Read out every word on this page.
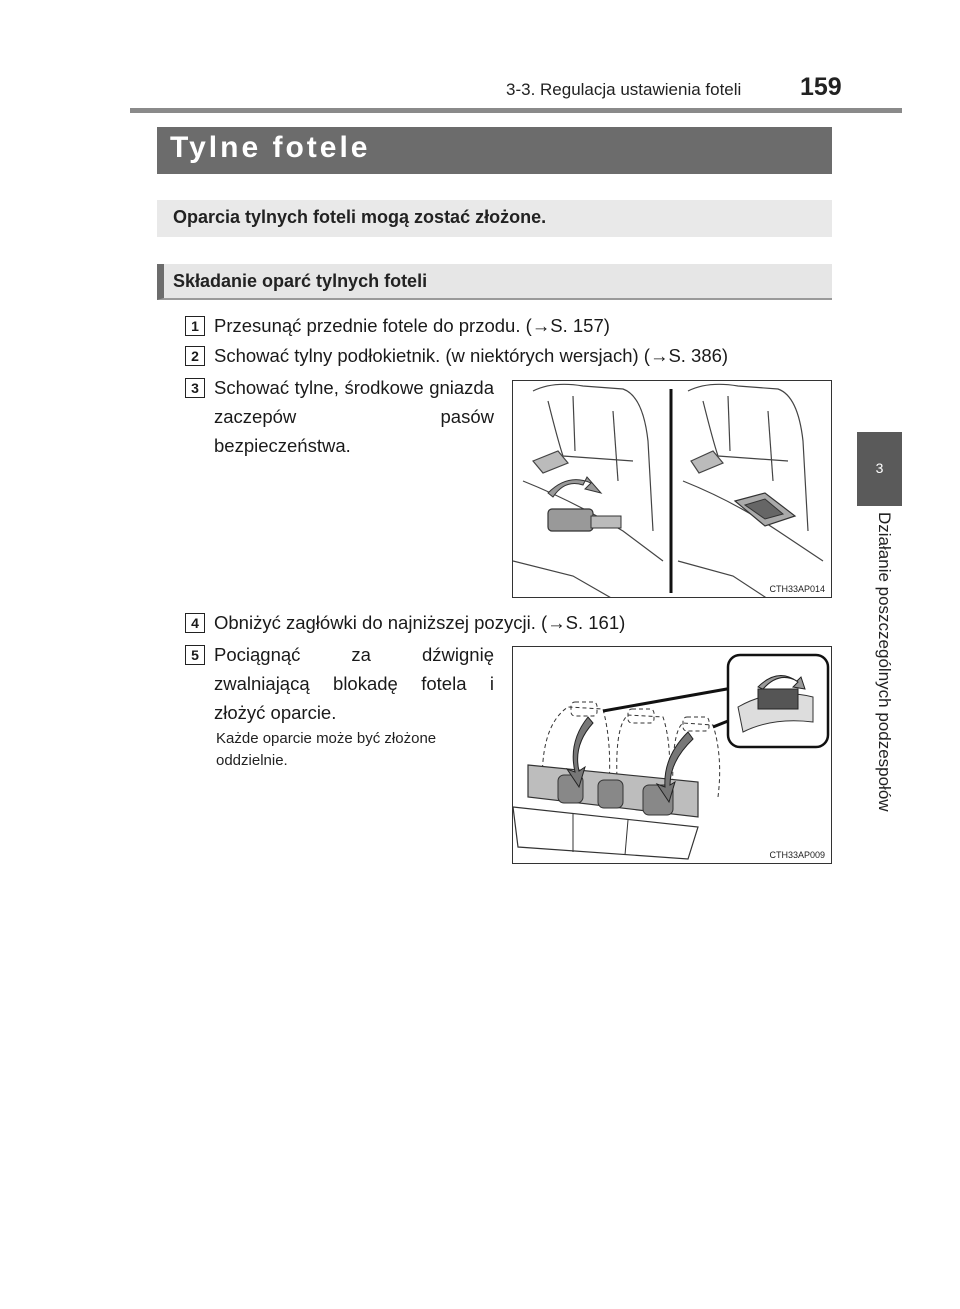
3-3. Regulacja ustawienia foteli 159
3
Działanie poszczególnych podzespołów
Tylne fotele
Oparcia tylnych foteli mogą zostać złożone.
Składanie oparć tylnych foteli
1 Przesunąć przednie fotele do przodu. (→S. 157)
2 Schować tylny podłokietnik. (w niektórych wersjach) (→S. 386)
3 Schować tylne, środkowe gniazda zaczepów pasów bezpieczeństwa.
CTH33AP014
4 Obniżyć zagłówki do najniższej pozycji. (→S. 161)
5 Pociągnąć za dźwignię zwalniającą blokadę fotela i złożyć oparcie.
Każde oparcie może być złożone oddzielnie.
CTH33AP009
